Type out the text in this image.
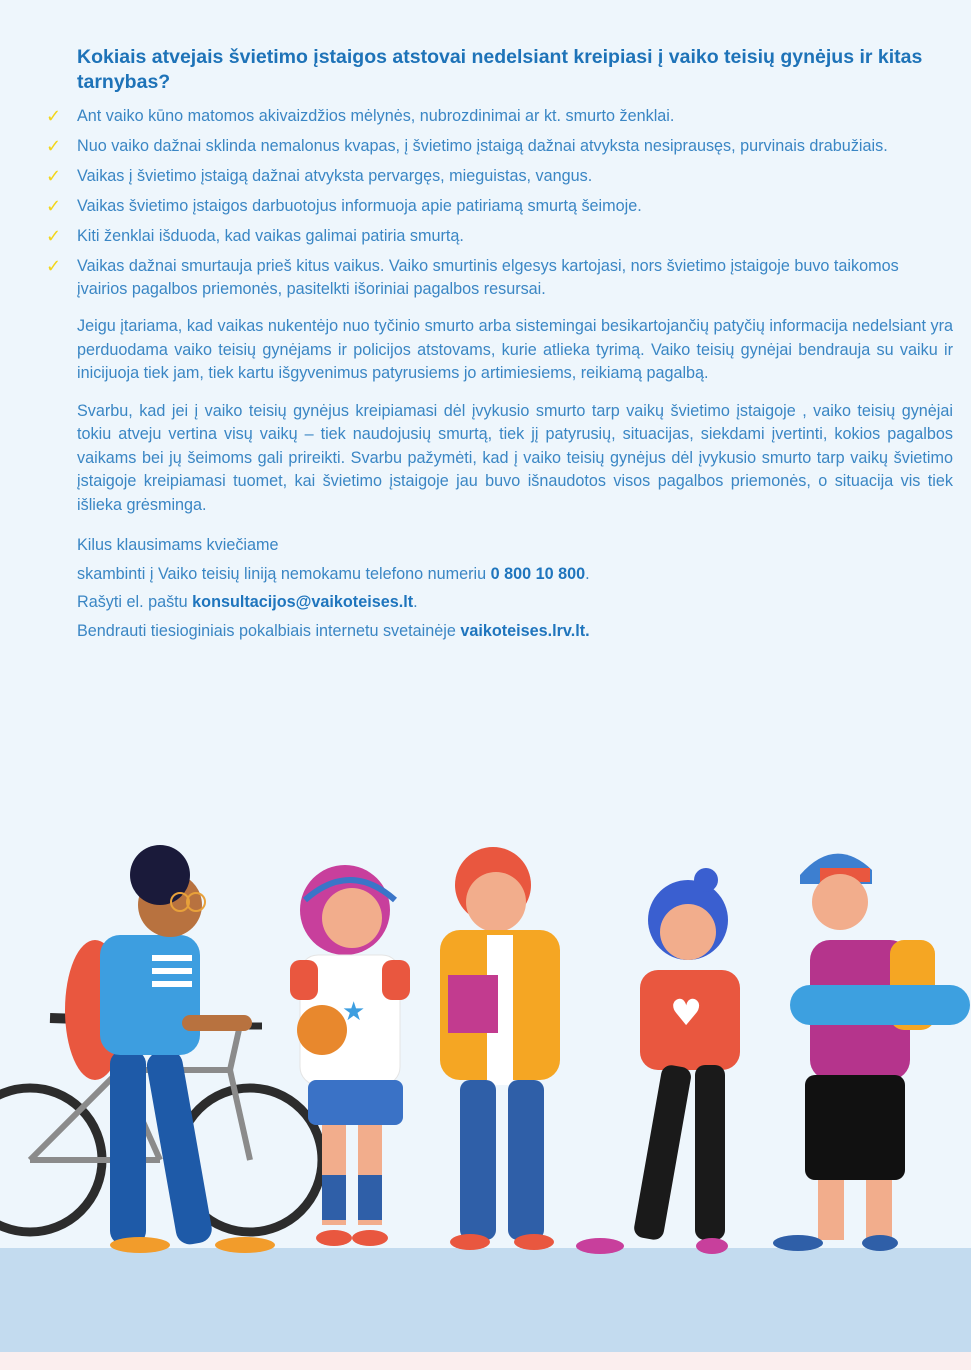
Kokiais atvejais švietimo įstaigos atstovai nedelsiant kreipiasi į vaiko teisių gynėjus ir kitas tarnybas?
✓ Ant vaiko kūno matomos akivaizdžios mėlynės, nubrozdinimai ar kt. smurto ženklai.
✓ Nuo vaiko dažnai sklinda nemalonus kvapas, į švietimo įstaigą dažnai atvyksta nesiprausęs, purvinais drabužiais.
✓ Vaikas į švietimo įstaigą dažnai atvyksta pervargęs, mieguistas, vangus.
✓ Vaikas švietimo įstaigos darbuotojus informuoja apie patiriamą smurtą šeimoje.
✓ Kiti ženklai išduoda, kad vaikas galimai patiria smurtą.
✓ Vaikas dažnai smurtauja prieš kitus vaikus. Vaiko smurtinis elgesys kartojasi, nors švietimo įstaigoje buvo taikomos įvairios pagalbos priemonės, pasitelkti išoriniai pagalbos resursai.

Jeigu įtariama, kad vaikas nukentėjo nuo tyčinio smurto arba sistemingai besikartojančių patyčių informacija nedelsiant yra perduodama vaiko teisių gynėjams ir policijos atstovams, kurie atlieka tyrimą. Vaiko teisių gynėjai bendrauja su vaiku ir inicijuoja tiek jam, tiek kartu išgyvenimus patyrusiems jo artimiesiems, reikiamą pagalbą.

Svarbu, kad jei į vaiko teisių gynėjus kreipiamasi dėl įvykusio smurto tarp vaikų švietimo įstaigoje , vaiko teisių gynėjai tokiu atveju vertina visų vaikų – tiek naudojusių smurtą, tiek jį patyrusių, situacijas, siekdami įvertinti, kokios pagalbos vaikams bei jų šeimoms gali prireikti. Svarbu pažymėti, kad į vaiko teisių gynėjus dėl įvykusio smurto tarp vaikų švietimo įstaigoje kreipiamasi tuomet, kai švietimo įstaigoje jau buvo išnaudotos visos pagalbos priemonės, o situacija vis tiek išlieka grėsminga.

Kilus klausimams kviečiame
skambinti į Vaiko teisių liniją nemokamu telefono numeriu 0 800 10 800.
Rašyti el. paštu konsultacijos@vaikoteises.lt.
Bendrauti tiesioginiais pokalbiais internetu svetainėje vaikoteises.lrv.lt.
★	♥
